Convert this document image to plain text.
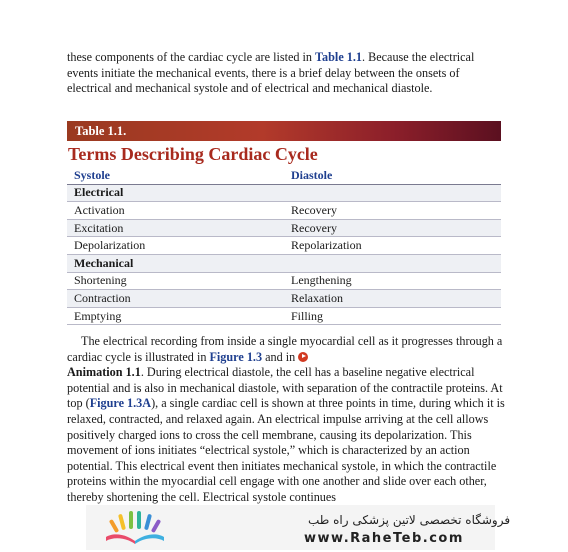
these components of the cardiac cycle are listed in Table 1.1. Because the electrical events initiate the mechanical events, there is a brief delay between the onsets of electrical and mechanical systole and of electrical and mechanical diastole.

Table 1.1.
Terms Describing Cardiac Cycle
Systole	Diastole
Electrical	
Activation	Recovery
Excitation	Recovery
Depolarization	Repolarization
Mechanical	
Shortening	Lengthening
Contraction	Relaxation
Emptying	Filling

The electrical recording from inside a single myocardial cell as it progresses through a cardiac cycle is illustrated in Figure 1.3 and in
Animation 1.1. During electrical diastole, the cell has a baseline negative electrical potential and is also in mechanical diastole, with separation of the contractile proteins. At top (Figure 1.3A), a single cardiac cell is shown at three points in time, during which it is relaxed, contracted, and relaxed again. An electrical impulse arriving at the cell allows positively charged ions to cross the cell membrane, causing its depolarization. This movement of ions initiates “electrical systole,” which is characterized by an action potential. This electrical event then initiates mechanical systole, in which the contractile proteins within the myocardial cell engage with one another and slide over each other, thereby shortening the cell. Electrical systole continues

فروشگاه تخصصی لاتین پزشکی راه طب
www.RaheTeb.com
